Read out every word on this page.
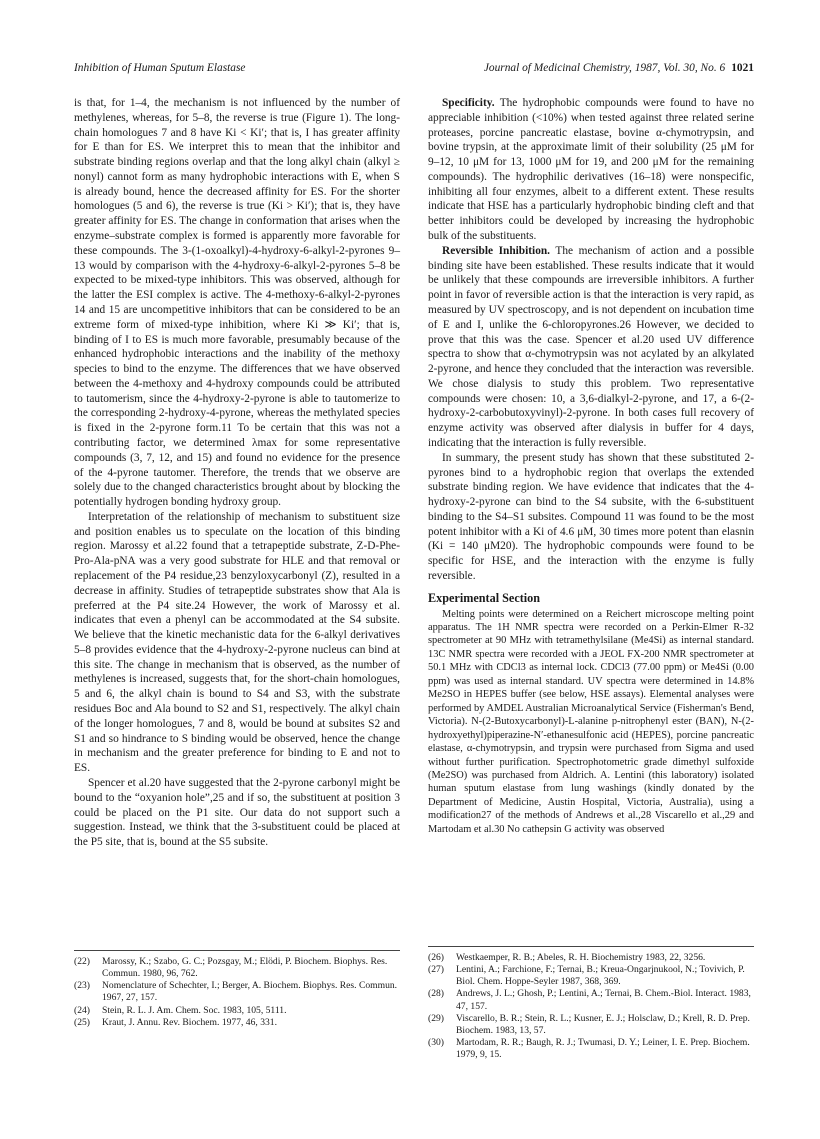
Inhibition of Human Sputum Elastase	Journal of Medicinal Chemistry, 1987, Vol. 30, No. 6 1021

is that, for 1–4, the mechanism is not influenced by the number of methylenes, whereas, for 5–8, the reverse is true (Figure 1). The long-chain homologues 7 and 8 have Ki < Ki′; that is, I has greater affinity for E than for ES. We interpret this to mean that the inhibitor and substrate binding regions overlap and that the long alkyl chain (alkyl ≥ nonyl) cannot form as many hydrophobic interactions with E, when S is already bound, hence the decreased affinity for ES. For the shorter homologues (5 and 6), the reverse is true (Ki > Ki′); that is, they have greater affinity for ES. The change in conformation that arises when the enzyme–substrate complex is formed is apparently more favorable for these compounds. The 3-(1-oxoalkyl)-4-hydroxy-6-alkyl-2-pyrones 9–13 would by comparison with the 4-hydroxy-6-alkyl-2-pyrones 5–8 be expected to be mixed-type inhibitors. This was observed, although for the latter the ESI complex is active. The 4-methoxy-6-alkyl-2-pyrones 14 and 15 are uncompetitive inhibitors that can be considered to be an extreme form of mixed-type inhibition, where Ki ≫ Ki′; that is, binding of I to ES is much more favorable, presumably because of the enhanced hydrophobic interactions and the inability of the methoxy species to bind to the enzyme. The differences that we have observed between the 4-methoxy and 4-hydroxy compounds could be attributed to tautomerism, since the 4-hydroxy-2-pyrone is able to tautomerize to the corresponding 2-hydroxy-4-pyrone, whereas the methylated species is fixed in the 2-pyrone form.11 To be certain that this was not a contributing factor, we determined λmax for some representative compounds (3, 7, 12, and 15) and found no evidence for the presence of the 4-pyrone tautomer. Therefore, the trends that we observe are solely due to the changed characteristics brought about by blocking the potentially hydrogen bonding hydroxy group.

Interpretation of the relationship of mechanism to substituent size and position enables us to speculate on the location of this binding region. Marossy et al.22 found that a tetrapeptide substrate, Z-D-Phe-Pro-Ala-pNA was a very good substrate for HLE and that removal or replacement of the P4 residue,23 benzyloxycarbonyl (Z), resulted in a decrease in affinity. Studies of tetrapeptide substrates show that Ala is preferred at the P4 site.24 However, the work of Marossy et al. indicates that even a phenyl can be accommodated at the S4 subsite. We believe that the kinetic mechanistic data for the 6-alkyl derivatives 5–8 provides evidence that the 4-hydroxy-2-pyrone nucleus can bind at this site. The change in mechanism that is observed, as the number of methylenes is increased, suggests that, for the short-chain homologues, 5 and 6, the alkyl chain is bound to S4 and S3, with the substrate residues Boc and Ala bound to S2 and S1, respectively. The alkyl chain of the longer homologues, 7 and 8, would be bound at subsites S2 and S1 and so hindrance to S binding would be observed, hence the change in mechanism and the greater preference for binding to E and not to ES.

Spencer et al.20 have suggested that the 2-pyrone carbonyl might be bound to the “oxyanion hole”,25 and if so, the substituent at position 3 could be placed on the P1 site. Our data do not support such a suggestion. Instead, we think that the 3-substituent could be placed at the P5 site, that is, bound at the S5 subsite.

Specificity. The hydrophobic compounds were found to have no appreciable inhibition (<10%) when tested against three related serine proteases, porcine pancreatic elastase, bovine α-chymotrypsin, and bovine trypsin, at the approximate limit of their solubility (25 μM for 9–12, 10 μM for 13, 1000 μM for 19, and 200 μM for the remaining compounds). The hydrophilic derivatives (16–18) were nonspecific, inhibiting all four enzymes, albeit to a different extent. These results indicate that HSE has a particularly hydrophobic binding cleft and that better inhibitors could be developed by increasing the hydrophobic bulk of the substituents.

Reversible Inhibition. The mechanism of action and a possible binding site have been established. These results indicate that it would be unlikely that these compounds are irreversible inhibitors. A further point in favor of reversible action is that the interaction is very rapid, as measured by UV spectroscopy, and is not dependent on incubation time of E and I, unlike the 6-chloropyrones.26 However, we decided to prove that this was the case. Spencer et al.20 used UV difference spectra to show that α-chymotrypsin was not acylated by an alkylated 2-pyrone, and hence they concluded that the interaction was reversible. We chose dialysis to study this problem. Two representative compounds were chosen: 10, a 3,6-dialkyl-2-pyrone, and 17, a 6-(2-hydroxy-2-carbobutoxyvinyl)-2-pyrone. In both cases full recovery of enzyme activity was observed after dialysis in buffer for 4 days, indicating that the interaction is fully reversible.

In summary, the present study has shown that these substituted 2-pyrones bind to a hydrophobic region that overlaps the extended substrate binding region. We have evidence that indicates that the 4-hydroxy-2-pyrone can bind to the S4 subsite, with the 6-substituent binding to the S4–S1 subsites. Compound 11 was found to be the most potent inhibitor with a Ki of 4.6 μM, 30 times more potent than elasnin (Ki = 140 μM20). The hydrophobic compounds were found to be specific for HSE, and the interaction with the enzyme is fully reversible.

Experimental Section

Melting points were determined on a Reichert microscope melting point apparatus. The 1H NMR spectra were recorded on a Perkin-Elmer R-32 spectrometer at 90 MHz with tetramethylsilane (Me4Si) as internal standard. 13C NMR spectra were recorded with a JEOL FX-200 NMR spectrometer at 50.1 MHz with CDCl3 as internal lock. CDCl3 (77.00 ppm) or Me4Si (0.00 ppm) was used as internal standard. UV spectra were determined in 14.8% Me2SO in HEPES buffer (see below, HSE assays). Elemental analyses were performed by AMDEL Australian Microanalytical Service (Fisherman's Bend, Victoria). N-(2-Butoxycarbonyl)-L-alanine p-nitrophenyl ester (BAN), N-(2-hydroxyethyl)piperazine-N′-ethanesulfonic acid (HEPES), porcine pancreatic elastase, α-chymotrypsin, and trypsin were purchased from Sigma and used without further purification. Spectrophotometric grade dimethyl sulfoxide (Me2SO) was purchased from Aldrich. A. Lentini (this laboratory) isolated human sputum elastase from lung washings (kindly donated by the Department of Medicine, Austin Hospital, Victoria, Australia), using a modification27 of the methods of Andrews et al.,28 Viscarello et al.,29 and Martodam et al.30 No cathepsin G activity was observed

(22)	Marossy, K.; Szabo, G. C.; Pozsgay, M.; Elödi, P. Biochem. Biophys. Res. Commun. 1980, 96, 762.
(23)	Nomenclature of Schechter, I.; Berger, A. Biochem. Biophys. Res. Commun. 1967, 27, 157.
(24)	Stein, R. L. J. Am. Chem. Soc. 1983, 105, 5111.
(25)	Kraut, J. Annu. Rev. Biochem. 1977, 46, 331.
(26)	Westkaemper, R. B.; Abeles, R. H. Biochemistry 1983, 22, 3256.
(27)	Lentini, A.; Farchione, F.; Ternai, B.; Kreua-Ongarjnukool, N.; Tovivich, P. Biol. Chem. Hoppe-Seyler 1987, 368, 369.
(28)	Andrews, J. L.; Ghosh, P.; Lentini, A.; Ternai, B. Chem.-Biol. Interact. 1983, 47, 157.
(29)	Viscarello, B. R.; Stein, R. L.; Kusner, E. J.; Holsclaw, D.; Krell, R. D. Prep. Biochem. 1983, 13, 57.
(30)	Martodam, R. R.; Baugh, R. J.; Twumasi, D. Y.; Leiner, I. E. Prep. Biochem. 1979, 9, 15.
